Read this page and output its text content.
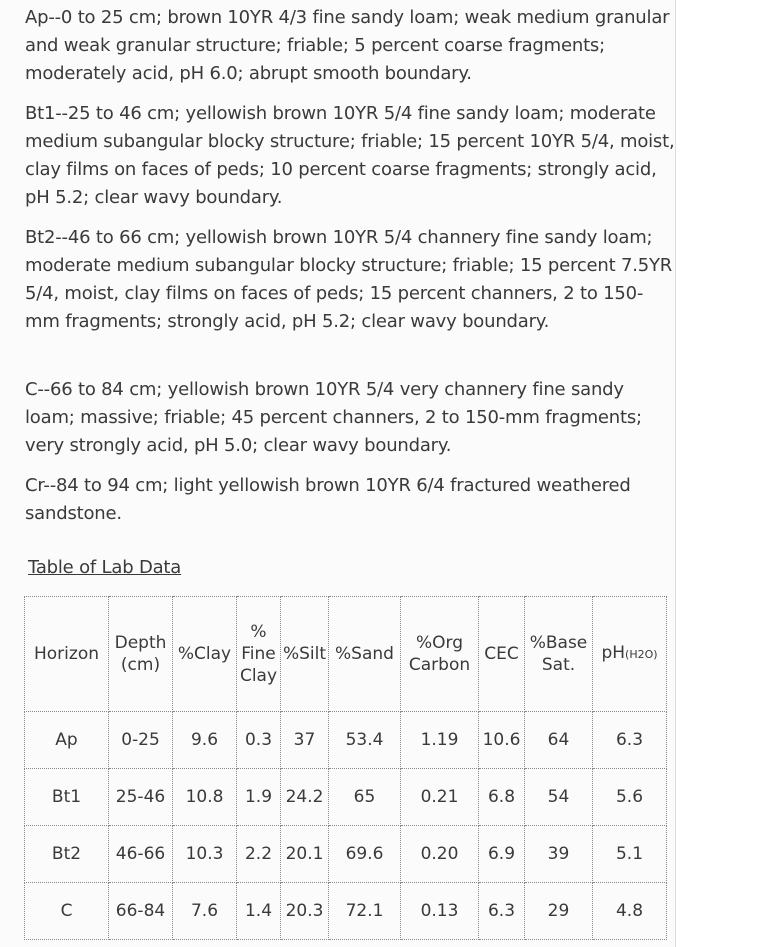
Ap--0 to 25 cm; brown 10YR 4/3 fine sandy loam; weak medium granular and weak granular structure; friable; 5 percent coarse fragments; moderately acid, pH 6.0; abrupt smooth boundary.

Bt1--25 to 46 cm; yellowish brown 10YR 5/4 fine sandy loam; moderate medium subangular blocky structure; friable; 15 percent 10YR 5/4, moist, clay films on faces of peds; 10 percent coarse fragments; strongly acid, pH 5.2; clear wavy boundary.

Bt2--46 to 66 cm; yellowish brown 10YR 5/4 channery fine sandy loam; moderate medium subangular blocky structure; friable; 15 percent 7.5YR 5/4, moist, clay films on faces of peds; 15 percent channers, 2 to 150-mm fragments; strongly acid, pH 5.2; clear wavy boundary.

C--66 to 84 cm; yellowish brown 10YR 5/4 very channery fine sandy loam; massive; friable; 45 percent channers, 2 to 150-mm fragments; very strongly acid, pH 5.0; clear wavy boundary.

Cr--84 to 94 cm; light yellowish brown 10YR 6/4 fractured weathered sandstone.

Table of Lab Data
Horizon	Depth (cm)	%Clay	% Fine Clay	%Silt	%Sand	%Org Carbon	CEC	%Base Sat.	pH(H2O)
Ap	0-25	9.6	0.3	37	53.4	1.19	10.6	64	6.3
Bt1	25-46	10.8	1.9	24.2	65	0.21	6.8	54	5.6
Bt2	46-66	10.3	2.2	20.1	69.6	0.20	6.9	39	5.1
C	66-84	7.6	1.4	20.3	72.1	0.13	6.3	29	4.8
